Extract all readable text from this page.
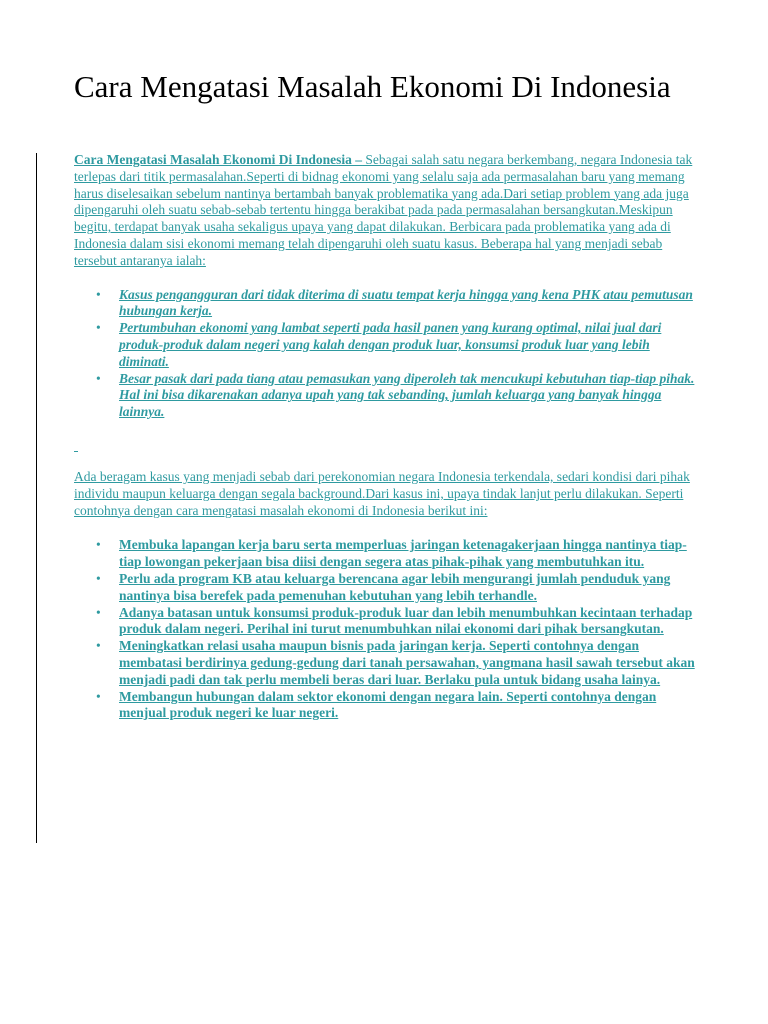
Cara Mengatasi Masalah Ekonomi Di Indonesia

Cara Mengatasi Masalah Ekonomi Di Indonesia – Sebagai salah satu negara berkembang, negara Indonesia tak terlepas dari titik permasalahan.Seperti di bidnag ekonomi yang selalu saja ada permasalahan baru yang memang harus diselesaikan sebelum nantinya bertambah banyak problematika yang ada.Dari setiap problem yang ada juga dipengaruhi oleh suatu sebab-sebab tertentu hingga berakibat pada pada permasalahan bersangkutan.Meskipun begitu, terdapat banyak usaha sekaligus upaya yang dapat dilakukan. Berbicara pada problematika yang ada di Indonesia dalam sisi ekonomi memang telah dipengaruhi oleh suatu kasus. Beberapa hal yang menjadi sebab tersebut antaranya ialah:

• Kasus pengangguran dari tidak diterima di suatu tempat kerja hingga yang kena PHK atau pemutusan hubungan kerja.
• Pertumbuhan ekonomi yang lambat seperti pada hasil panen yang kurang optimal, nilai jual dari produk-produk dalam negeri yang kalah dengan produk luar, konsumsi produk luar yang lebih diminati.
• Besar pasak dari pada tiang atau pemasukan yang diperoleh tak mencukupi kebutuhan tiap-tiap pihak. Hal ini bisa dikarenakan adanya upah yang tak sebanding, jumlah keluarga yang banyak hingga lainnya.

Ada beragam kasus yang menjadi sebab dari perekonomian negara Indonesia terkendala, sedari kondisi dari pihak individu maupun keluarga dengan segala background.Dari kasus ini, upaya tindak lanjut perlu dilakukan. Seperti contohnya dengan cara mengatasi masalah ekonomi di Indonesia berikut ini:

• Membuka lapangan kerja baru serta memperluas jaringan ketenagakerjaan hingga nantinya tiap-tiap lowongan pekerjaan bisa diisi dengan segera atas pihak-pihak yang membutuhkan itu.
• Perlu ada program KB atau keluarga berencana agar lebih mengurangi jumlah penduduk yang nantinya bisa berefek pada pemenuhan kebutuhan yang lebih terhandle.
• Adanya batasan untuk konsumsi produk-produk luar dan lebih menumbuhkan kecintaan terhadap produk dalam negeri. Perihal ini turut menumbuhkan nilai ekonomi dari pihak bersangkutan.
• Meningkatkan relasi usaha maupun bisnis pada jaringan kerja. Seperti contohnya dengan membatasi berdirinya gedung-gedung dari tanah persawahan, yangmana hasil sawah tersebut akan menjadi padi dan tak perlu membeli beras dari luar. Berlaku pula untuk bidang usaha lainya.
• Membangun hubungan dalam sektor ekonomi dengan negara lain. Seperti contohnya dengan menjual produk negeri ke luar negeri.
